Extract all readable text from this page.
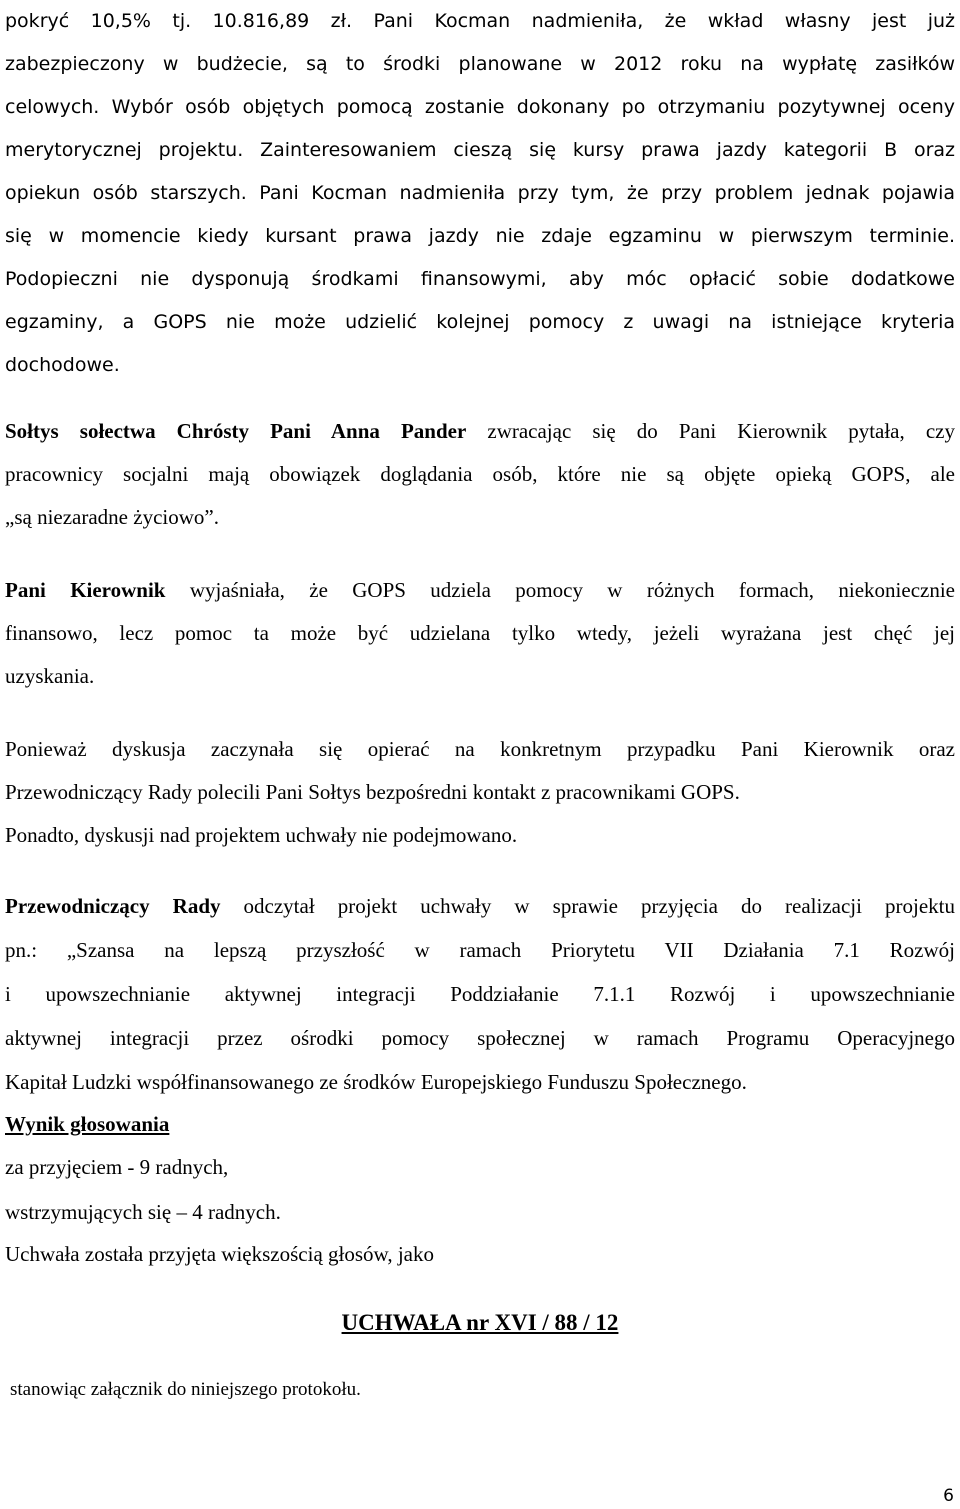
pokryć 10,5% tj. 10.816,89 zł. Pani Kocman nadmieniła, że wkład własny jest już
zabezpieczony w budżecie, są to środki planowane w 2012 roku na wypłatę zasiłków
celowych. Wybór osób objętych pomocą zostanie dokonany po otrzymaniu pozytywnej oceny
merytorycznej projektu. Zainteresowaniem cieszą się kursy prawa jazdy kategorii B oraz
opiekun osób starszych. Pani Kocman nadmieniła przy tym, że przy problem jednak pojawia
się w momencie kiedy kursant prawa jazdy nie zdaje egzaminu w pierwszym terminie.
Podopieczni nie dysponują środkami finansowymi, aby móc opłacić sobie dodatkowe
egzaminy, a GOPS nie może udzielić kolejnej pomocy z uwagi na istniejące kryteria
dochodowe.
Sołtys sołectwa Chrósty Pani Anna Pander zwracając się do Pani Kierownik pytała, czy
pracownicy socjalni mają obowiązek doglądania osób, które nie są objęte opieką GOPS, ale
„są niezaradne życiowo”.
Pani Kierownik wyjaśniała, że GOPS udziela pomocy w różnych formach, niekoniecznie
finansowo, lecz pomoc ta może być udzielana tylko wtedy, jeżeli wyrażana jest chęć jej
uzyskania.
Ponieważ dyskusja zaczynała się opierać na konkretnym przypadku Pani Kierownik oraz
Przewodniczący Rady polecili Pani Sołtys bezpośredni kontakt z pracownikami GOPS.
Ponadto, dyskusji nad projektem uchwały nie podejmowano.
Przewodniczący Rady odczytał projekt uchwały w sprawie przyjęcia do realizacji projektu
pn.: „Szansa na lepszą przyszłość w ramach Priorytetu VII Działania 7.1 Rozwój
i upowszechnianie aktywnej integracji Poddziałanie 7.1.1 Rozwój i upowszechnianie
aktywnej integracji przez ośrodki pomocy społecznej w ramach Programu Operacyjnego
Kapitał Ludzki współfinansowanego ze środków Europejskiego Funduszu Społecznego.
Wynik głosowania
za przyjęciem - 9 radnych,
wstrzymujących się – 4 radnych.
Uchwała została przyjęta większością głosów, jako
stanowiąc załącznik do niniejszego protokołu.
UCHWAŁA nr XVI / 88 / 12
6
